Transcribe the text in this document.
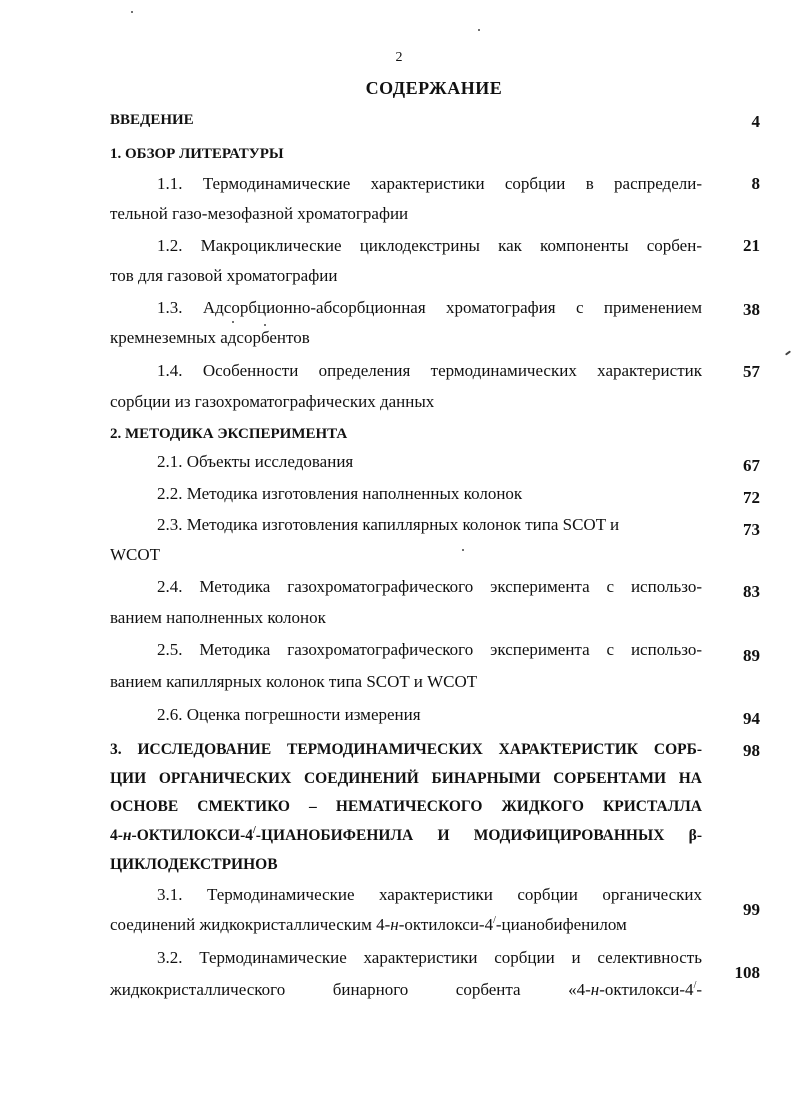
2
СОДЕРЖАНИЕ
ВВЕДЕНИЕ	4
1. ОБЗОР ЛИТЕРАТУРЫ
1.1. Термодинамические характеристики сорбции в распредели-
тельной газо-мезофазной хроматографии
8
1.2. Макроциклические циклодекстрины как компоненты сорбен-
тов для газовой хроматографии
21
1.3. Адсорбционно-абсорбционная хроматография с применением
кремнеземных адсорбентов
38
1.4. Особенности определения термодинамических характеристик
сорбции из газохроматографических данных
57
2. МЕТОДИКА ЭКСПЕРИМЕНТА
2.1. Объекты исследования	67
2.2. Методика изготовления наполненных колонок	72
2.3. Методика изготовления капиллярных колонок типа SCOT и
WCOT
73
2.4. Методика газохроматографического эксперимента с использо-
ванием наполненных колонок
83
2.5. Методика газохроматографического эксперимента с использо-
ванием капиллярных колонок типа SCOT и WCOT
89
2.6. Оценка погрешности измерения	94
3. ИССЛЕДОВАНИЕ ТЕРМОДИНАМИЧЕСКИХ ХАРАКТЕРИСТИК СОРБ-
ЦИИ ОРГАНИЧЕСКИХ СОЕДИНЕНИЙ БИНАРНЫМИ СОРБЕНТАМИ НА
ОСНОВЕ СМЕКТИКО – НЕМАТИЧЕСКОГО ЖИДКОГО КРИСТАЛЛА
4-н-ОКТИЛОКСИ-4/-ЦИАНОБИФЕНИЛА И МОДИФИЦИРОВАННЫХ β-
ЦИКЛОДЕКСТРИНОВ
98
3.1. Термодинамические характеристики сорбции органических
соединений жидкокристаллическим 4-н-октилокси-4/-цианобифенилом
99
3.2. Термодинамические характеристики сорбции и селективность
жидкокристаллического	бинарного	сорбента	«4-н-октилокси-4/-
108
